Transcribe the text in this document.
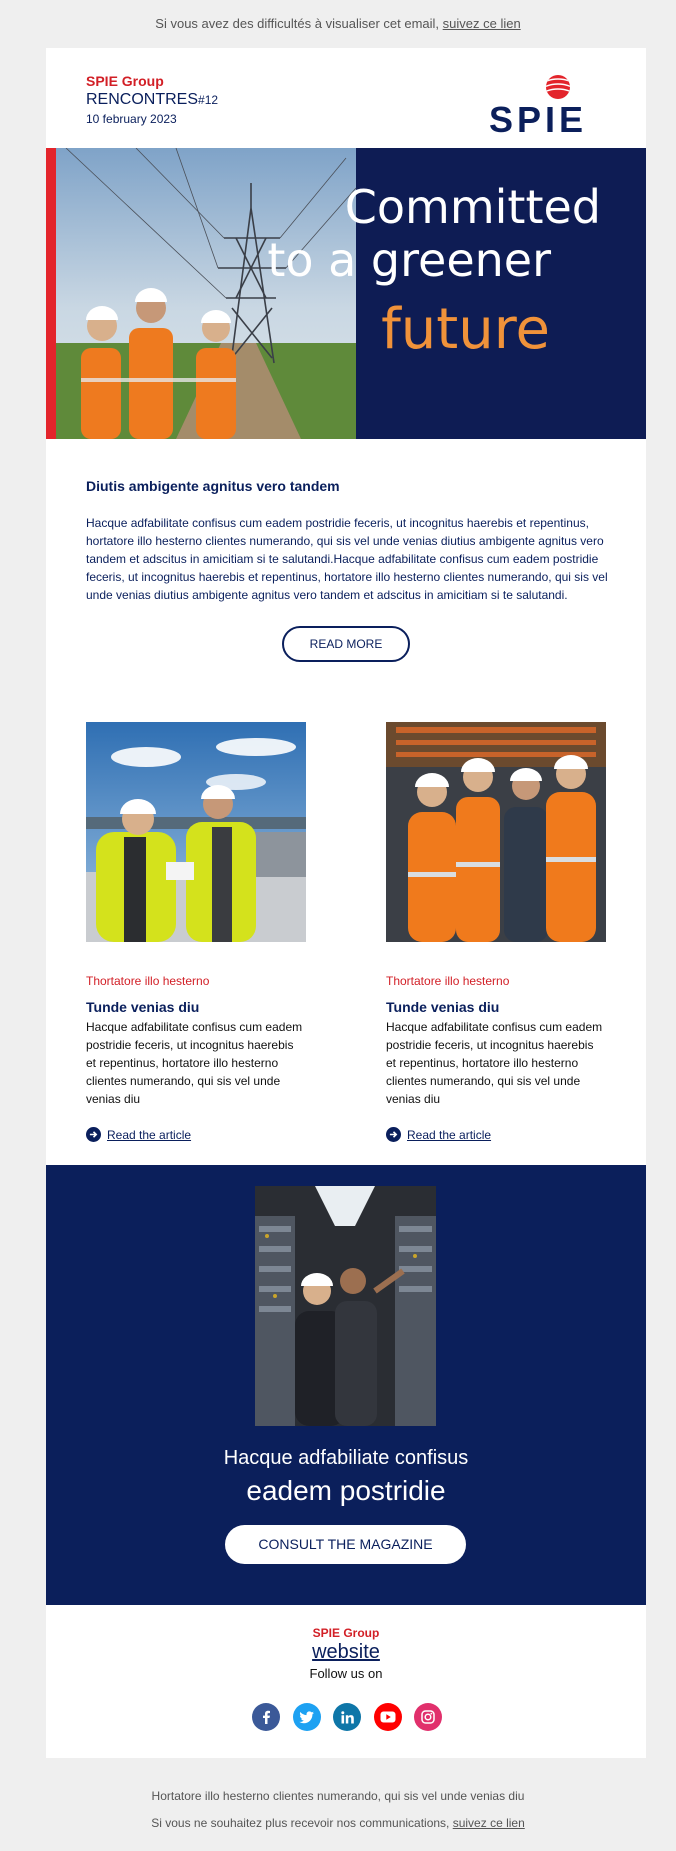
Si vous avez des difficultés à visualiser cet email, suivez ce lien
SPIE Group
RENCONTRES#12
10 february 2023	SPIE
Committed
to a greener
future
Diutis ambigente agnitus vero tandem
Hacque adfabilitate confisus cum eadem postridie feceris, ut incognitus haerebis et repentinus, hortatore illo hesterno clientes numerando, qui sis vel unde venias diutius ambigente agnitus vero tandem et adscitus in amicitiam si te salutandi.Hacque adfabilitate confisus cum eadem postridie feceris, ut incognitus haerebis et repentinus, hortatore illo hesterno clientes numerando, qui sis vel unde venias diutius ambigente agnitus vero tandem et adscitus in amicitiam si te salutandi.
READ MORE
Thortatore illo hesterno
Tunde venias diu
Hacque adfabilitate confisus cum eadem postridie feceris, ut incognitus haerebis et repentinus, hortatore illo hesterno clientes numerando, qui sis vel unde venias diu
Read the article
Thortatore illo hesterno
Tunde venias diu
Hacque adfabilitate confisus cum eadem postridie feceris, ut incognitus haerebis et repentinus, hortatore illo hesterno clientes numerando, qui sis vel unde venias diu
Read the article
Hacque adfabiliate confisus
eadem postridie
CONSULT THE MAGAZINE
SPIE Group
website
Follow us on
Hortatore illo hesterno clientes numerando, qui sis vel unde venias diu
Si vous ne souhaitez plus recevoir nos communications, suivez ce lien
